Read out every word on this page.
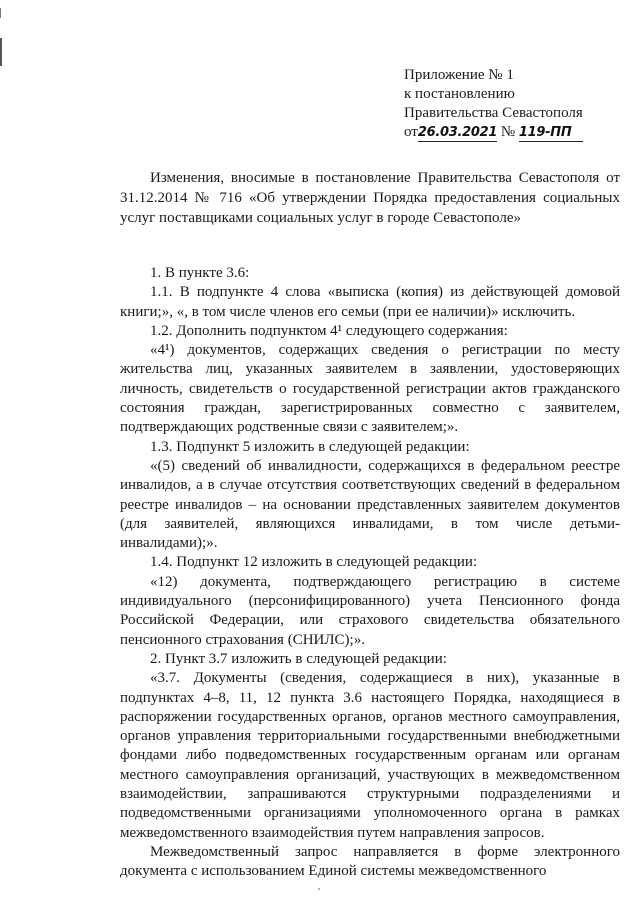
Приложение № 1
к постановлению
Правительства Севастополя
от26.03.2021 № 119-ПП
Изменения, вносимые в постановление Правительства Севастополя от 31.12.2014 № 716 «Об утверждении Порядка предоставления социальных услуг поставщиками социальных услуг в городе Севастополе»

1. В пункте 3.6:

1.1. В подпункте 4 слова «выписка (копия) из действующей домовой книги;», «, в том числе членов его семьи (при ее наличии)» исключить.

1.2. Дополнить подпунктом 4¹ следующего содержания:

«4¹) документов, содержащих сведения о регистрации по месту жительства лиц, указанных заявителем в заявлении, удостоверяющих личность, свидетельств о государственной регистрации актов гражданского состояния граждан, зарегистрированных совместно с заявителем, подтверждающих родственные связи с заявителем;».

1.3. Подпункт 5 изложить в следующей редакции:

«(5) сведений об инвалидности, содержащихся в федеральном реестре инвалидов, а в случае отсутствия соответствующих сведений в федеральном реестре инвалидов – на основании представленных заявителем документов (для заявителей, являющихся инвалидами, в том числе детьми-инвалидами);».

1.4. Подпункт 12 изложить в следующей редакции:

«12) документа, подтверждающего регистрацию в системе индивидуального (персонифицированного) учета Пенсионного фонда Российской Федерации, или страхового свидетельства обязательного пенсионного страхования (СНИЛС);».

2. Пункт 3.7 изложить в следующей редакции:

«3.7. Документы (сведения, содержащиеся в них), указанные в подпунктах 4–8, 11, 12 пункта 3.6 настоящего Порядка, находящиеся в распоряжении государственных органов, органов местного самоуправления, органов управления территориальными государственными внебюджетными фондами либо подведомственных государственным органам или органам местного самоуправления организаций, участвующих в межведомственном взаимодействии, запрашиваются структурными подразделениями и подведомственными организациями уполномоченного органа в рамках межведомственного взаимодействия путем направления запросов.

Межведомственный запрос направляется в форме электронного документа с использованием Единой системы межведомственного
